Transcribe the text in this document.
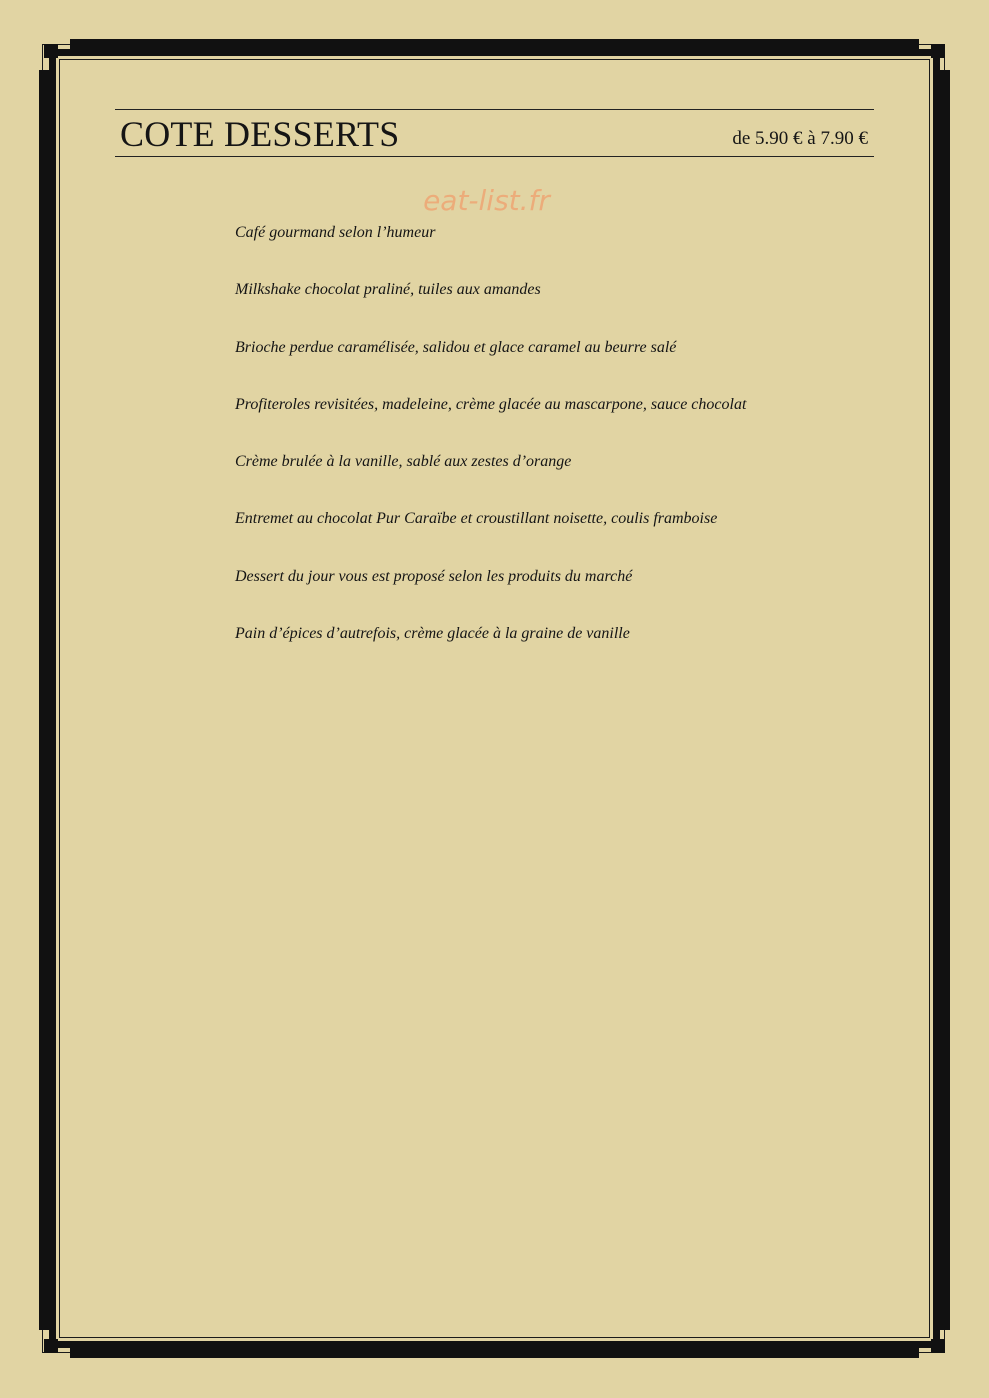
COTE DESSERTS	de 5.90 € à 7.90 €
eat-list.fr
Café gourmand selon l’humeur
Milkshake chocolat praliné, tuiles aux amandes
Brioche perdue caramélisée, salidou et glace caramel au beurre salé
Profiteroles revisitées, madeleine, crème glacée au mascarpone, sauce chocolat
Crème brulée à la vanille, sablé aux zestes d’orange
Entremet au chocolat Pur Caraïbe et croustillant noisette, coulis framboise
Dessert du jour vous est proposé selon les produits du marché
Pain d’épices d’autrefois, crème glacée à la graine de vanille
